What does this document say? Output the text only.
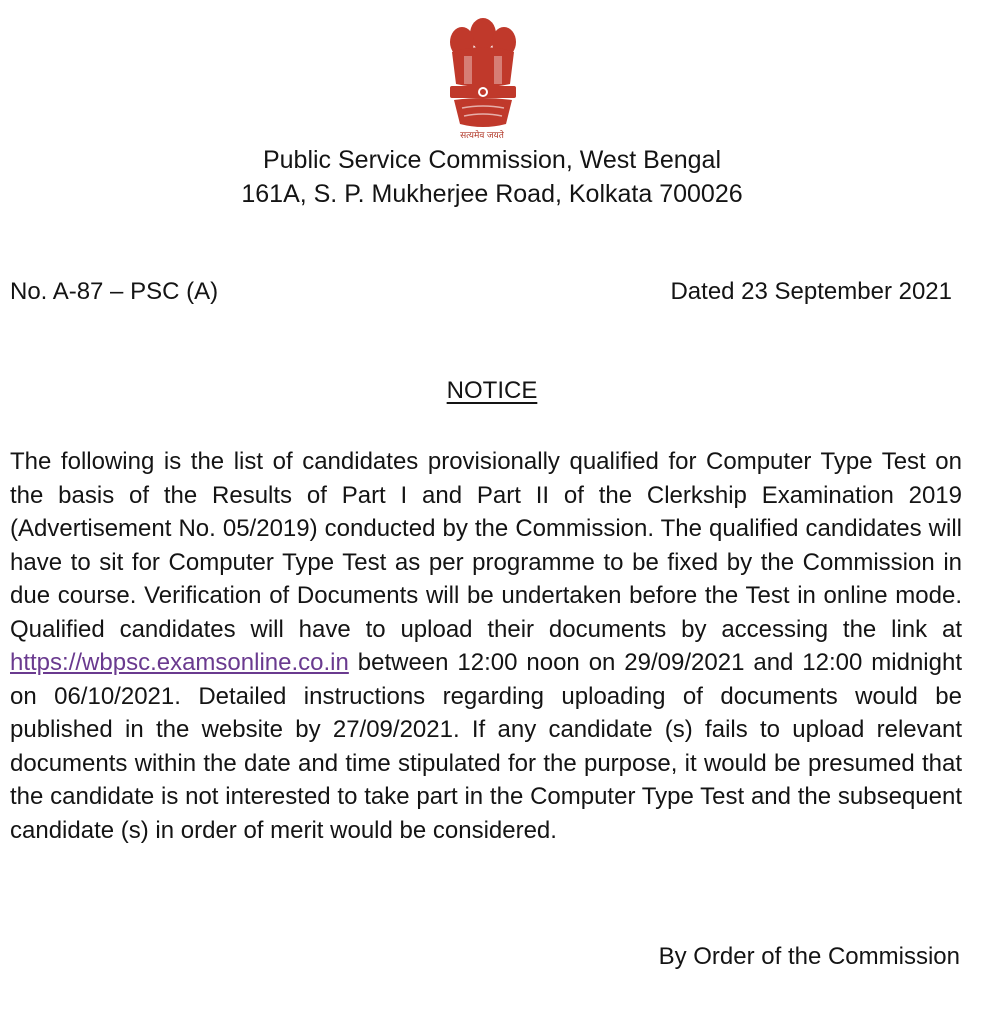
सत्यमेव जयते
Public Service Commission, West Bengal
161A, S. P. Mukherjee Road, Kolkata 700026
No. A-87 – PSC (A)	Dated 23 September 2021
NOTICE

The following is the list of candidates provisionally qualified for Computer Type Test on the basis of the Results of Part I and Part II of the Clerkship Examination 2019 (Advertisement No. 05/2019) conducted by the Commission. The qualified candidates will have to sit for Computer Type Test as per programme to be fixed by the Commission in due course. Verification of Documents will be undertaken before the Test in online mode. Qualified candidates will have to upload their documents by accessing the link at https://wbpsc.examsonline.co.in between 12:00 noon on 29/09/2021 and 12:00 midnight on 06/10/2021. Detailed instructions regarding uploading of documents would be published in the website by 27/09/2021. If any candidate (s) fails to upload relevant documents within the date and time stipulated for the purpose, it would be presumed that the candidate is not interested to take part in the Computer Type Test and the subsequent candidate (s) in order of merit would be considered.

By Order of the Commission
